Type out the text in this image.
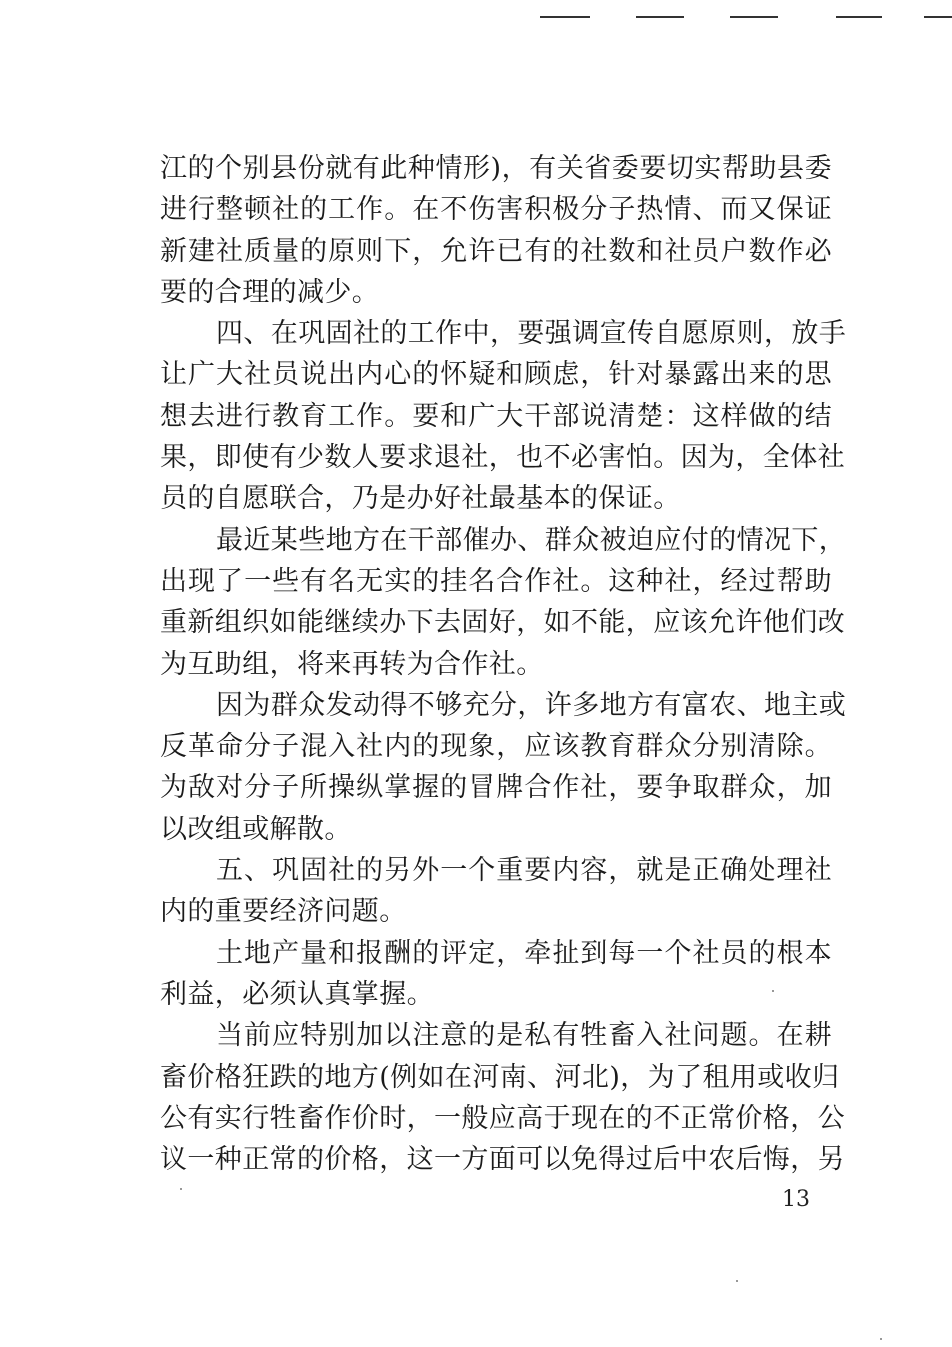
江的个别县份就有此种情形)，有关省委要切实帮助县委
进行整顿社的工作。在不伤害积极分子热情、而又保证
新建社质量的原则下，允许已有的社数和社员户数作必
要的合理的减少。
四、在巩固社的工作中，要强调宣传自愿原则，放手
让广大社员说出内心的怀疑和顾虑，针对暴露出来的思
想去进行教育工作。要和广大干部说清楚：这样做的结
果，即使有少数人要求退社，也不必害怕。因为，全体社
员的自愿联合，乃是办好社最基本的保证。
最近某些地方在干部催办、群众被迫应付的情况下，
出现了一些有名无实的挂名合作社。这种社，经过帮助
重新组织如能继续办下去固好，如不能，应该允许他们改
为互助组，将来再转为合作社。
因为群众发动得不够充分，许多地方有富农、地主或
反革命分子混入社内的现象，应该教育群众分别清除。
为敌对分子所操纵掌握的冒牌合作社，要争取群众，加
以改组或解散。
五、巩固社的另外一个重要内容，就是正确处理社
内的重要经济问题。
土地产量和报酬的评定，牵扯到每一个社员的根本
利益，必须认真掌握。
当前应特别加以注意的是私有牲畜入社问题。在耕
畜价格狂跌的地方(例如在河南、河北)，为了租用或收归
公有实行牲畜作价时，一般应高于现在的不正常价格，公
议一种正常的价格，这一方面可以免得过后中农后悔，另
13
